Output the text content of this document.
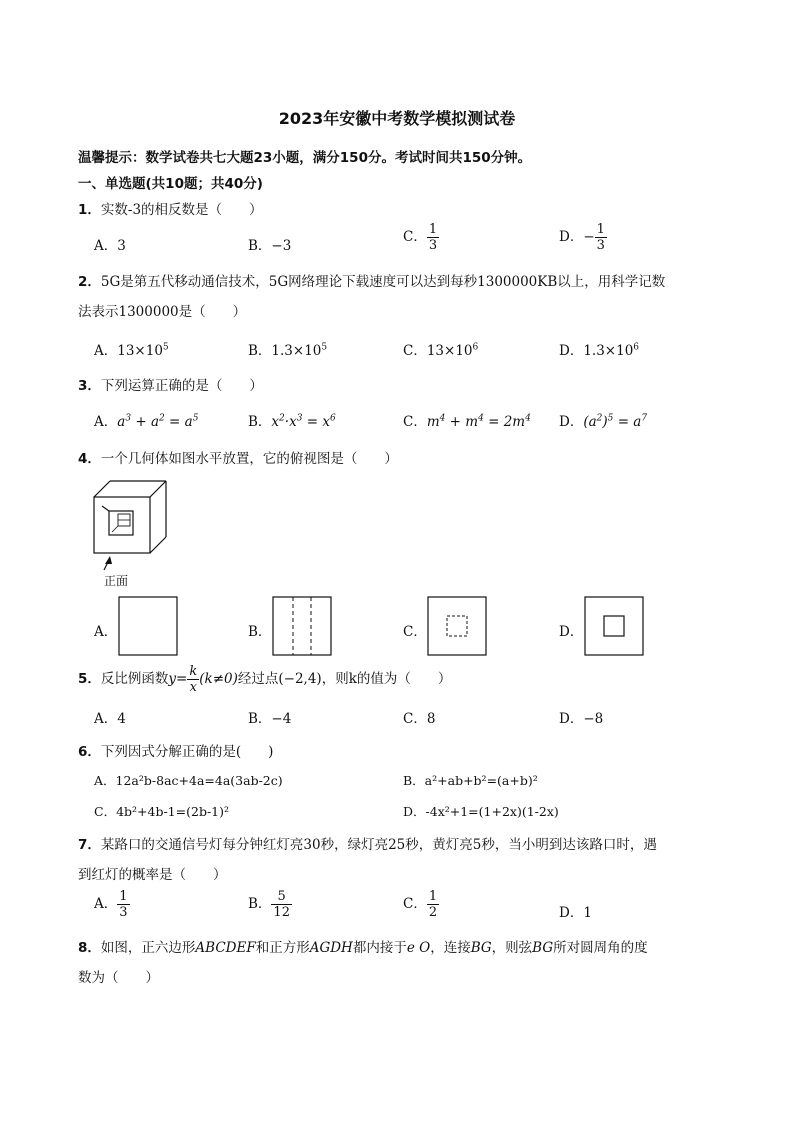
2023年安徽中考数学模拟测试卷
温馨提示：数学试卷共七大题23小题，满分150分。考试时间共150分钟。
一、单选题(共10题；共40分)
1．实数-3的相反数是（　　）
A．3	B．−3
C． $\frac{1}{3}$	D．− $\frac{1}{3}$
2．5G是第五代移动通信技术，5G网络理论下载速度可以达到每秒1300000KB以上，用科学记数
法表示1300000是（　　）
A．$13\times 10^5$	B．$1.3\times 10^5$	C．$13\times 10^6$	D．$1.3\times 10^6$
3．下列运算正确的是（　　）
A．$a^3 + a^2 = a^5$	B．$x^2\cdot x^3 = x^6$	C．$m^4 + m^4 = 2m^4$ D．$(a^2)^5 = a^7$
4．一个几何体如图水平放置，它的俯视图是（　　）
正面
A．	B．	C．	D．
5．反比例函数$y= \frac{k}{x} (k\ne 0)$经过点(−2,4)，则k的值为（　　）
A．4	B．−4	C．8	D．−8
6．下列因式分解正确的是(　　)
A．12a²b-8ac+4a=4a(3ab-2c)	B．a²+ab+b²=(a+b)²
C．4b²+4b-1=(2b-1)²	D．-4x²+1=(1+2x)(1-2x)
7．某路口的交通信号灯每分钟红灯亮30秒，绿灯亮25秒，黄灯亮5秒，当小明到达该路口时，遇
到红灯的概率是（　　）
A． $\frac{1}{3}$	B． $\frac{5}{12}$	C． $\frac{1}{2}$	D．1
8．如图，正六边形ABCDEF和正方形AGDH都内接于e O，连接BG，则弦BG所对圆周角的度
数为（　　）
